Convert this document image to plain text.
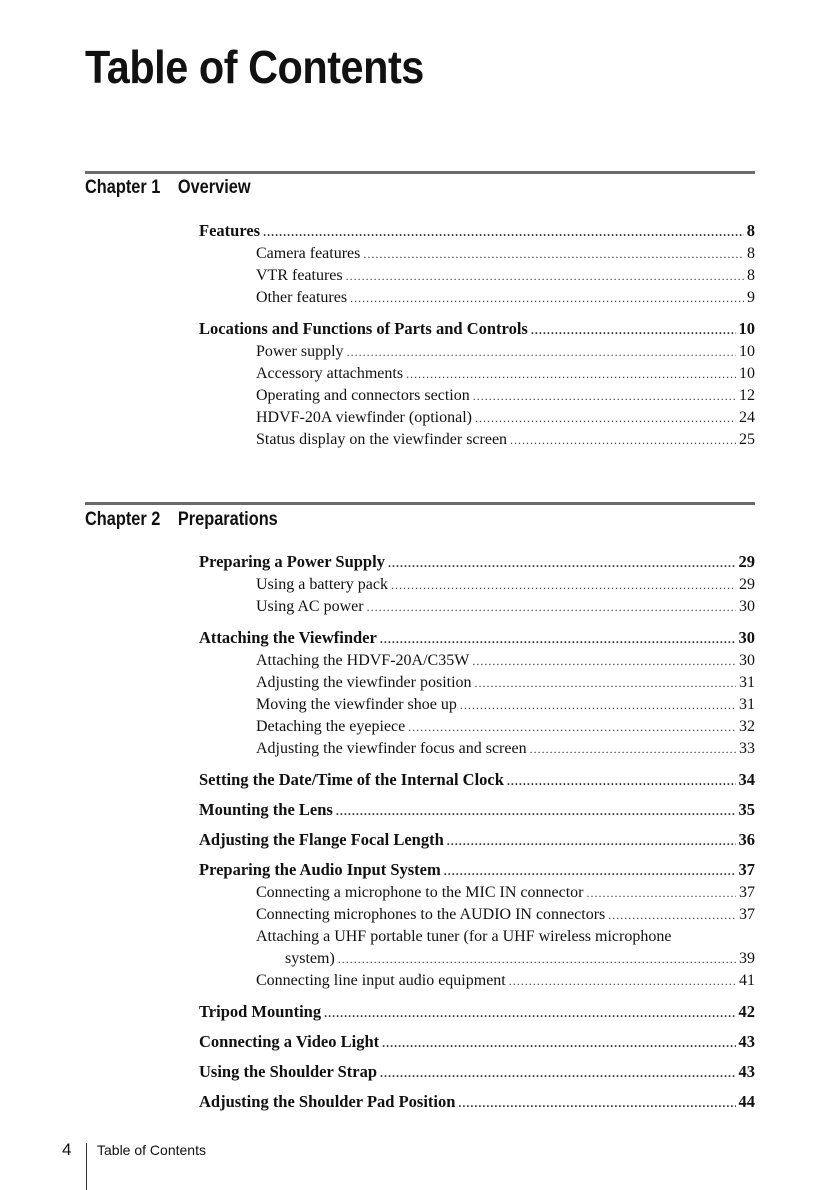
Table of Contents
Chapter 1 Overview
Features .....	8
Camera features .....	8
VTR features .....	8
Other features .....	9
Locations and Functions of Parts and Controls .....	10
Power supply .....	10
Accessory attachments .....	10
Operating and connectors section .....	12
HDVF-20A viewfinder (optional) .....	24
Status display on the viewfinder screen .....	25
Chapter 2 Preparations
Preparing a Power Supply .....	29
Using a battery pack .....	29
Using AC power .....	30
Attaching the Viewfinder .....	30
Attaching the HDVF-20A/C35W .....	30
Adjusting the viewfinder position .....	31
Moving the viewfinder shoe up .....	31
Detaching the eyepiece .....	32
Adjusting the viewfinder focus and screen .....	33
Setting the Date/Time of the Internal Clock .....	34
Mounting the Lens .....	35
Adjusting the Flange Focal Length .....	36
Preparing the Audio Input System .....	37
Connecting a microphone to the MIC IN connector .....	37
Connecting microphones to the AUDIO IN connectors .....	37
Attaching a UHF portable tuner (for a UHF wireless microphone
system) .....	39
Connecting line input audio equipment .....	41
Tripod Mounting .....	42
Connecting a Video Light .....	43
Using the Shoulder Strap .....	43
Adjusting the Shoulder Pad Position .....	44
4 Table of Contents
